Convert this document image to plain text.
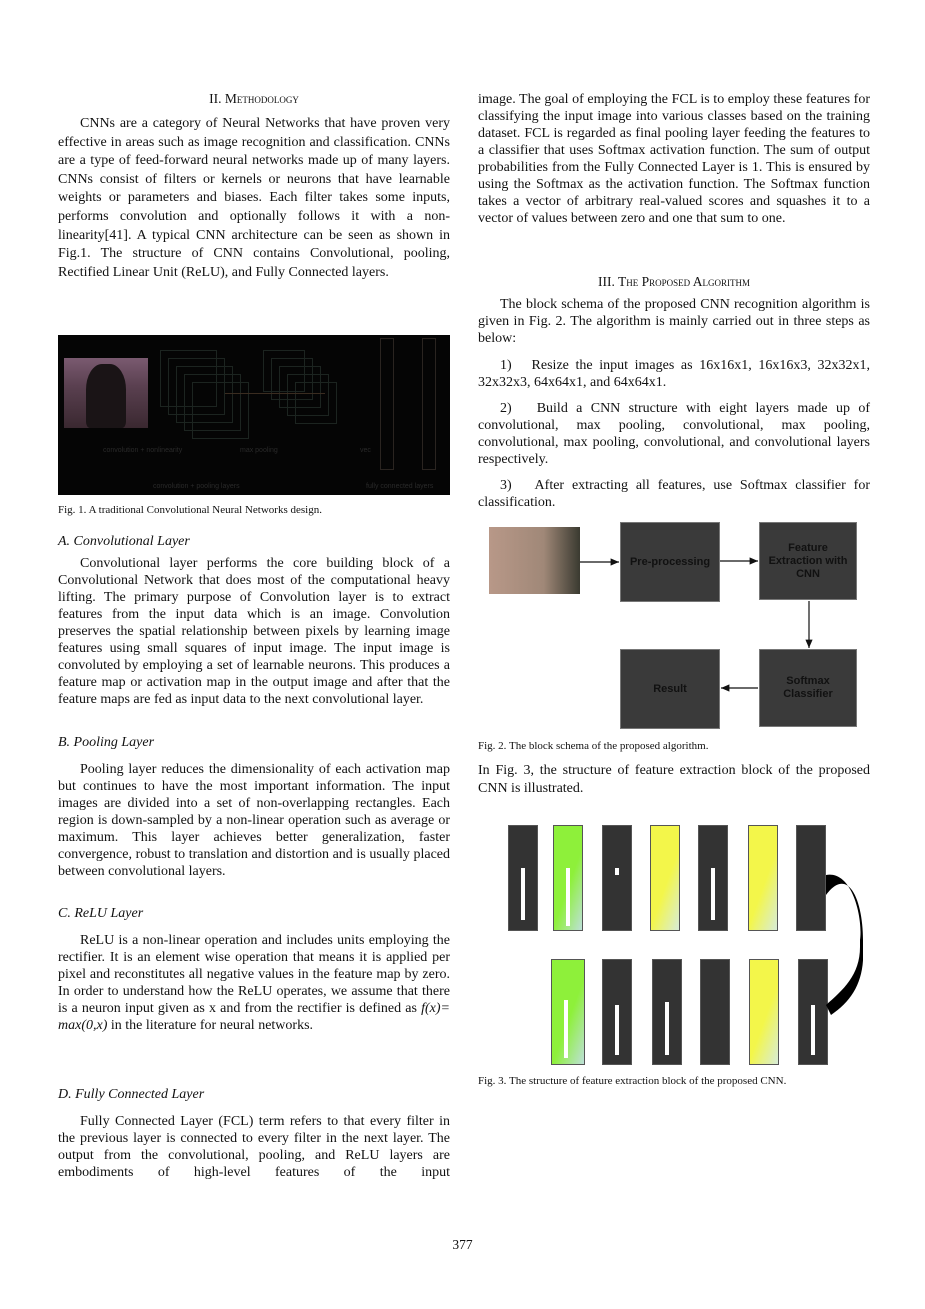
II. Methodology

CNNs are a category of Neural Networks that have proven very effective in areas such as image recognition and classification. CNNs are a type of feed-forward neural networks made up of many layers. CNNs consist of filters or kernels or neurons that have learnable weights or parameters and biases. Each filter takes some inputs, performs convolution and optionally follows it with a non-linearity[41]. A typical CNN architecture can be seen as shown in Fig.1. The structure of CNN contains Convolutional, pooling, Rectified Linear Unit (ReLU), and Fully Connected layers.

convolution + nonlinearity	max pooling	vec
convolution + pooling layers	fully connected layers
Fig. 1. A traditional Convolutional Neural Networks design.
A. Convolutional Layer

Convolutional layer performs the core building block of a Convolutional Network that does most of the computational heavy lifting. The primary purpose of Convolution layer is to extract features from the input data which is an image. Convolution preserves the spatial relationship between pixels by learning image features using small squares of input image. The input image is convoluted by employing a set of learnable neurons. This produces a feature map or activation map in the output image and after that the feature maps are fed as input data to the next convolutional layer.

B. Pooling Layer

Pooling layer reduces the dimensionality of each activation map but continues to have the most important information. The input images are divided into a set of non-overlapping rectangles. Each region is down-sampled by a non-linear operation such as average or maximum. This layer achieves better generalization, faster convergence, robust to translation and distortion and is usually placed between convolutional layers.

C. ReLU Layer

ReLU is a non-linear operation and includes units employing the rectifier. It is an element wise operation that means it is applied per pixel and reconstitutes all negative values in the feature map by zero. In order to understand how the ReLU operates, we assume that there is a neuron input given as x and from the rectifier is defined as f(x)= max(0,x) in the literature for neural networks.

D. Fully Connected Layer

Fully Connected Layer (FCL) term refers to that every filter in the previous layer is connected to every filter in the next layer. The output from the convolutional, pooling, and ReLU layers are embodiments of high-level features of the input

image. The goal of employing the FCL is to employ these features for classifying the input image into various classes based on the training dataset. FCL is regarded as final pooling layer feeding the features to a classifier that uses Softmax activation function. The sum of output probabilities from the Fully Connected Layer is 1. This is ensured by using the Softmax as the activation function. The Softmax function takes a vector of arbitrary real-valued scores and squashes it to a vector of values between zero and one that sum to one.

III. The Proposed Algorithm

The block schema of the proposed CNN recognition algorithm is given in Fig. 2. The algorithm is mainly carried out in three steps as below:

1)   Resize the input images as 16x16x1, 16x16x3, 32x32x1, 32x32x3, 64x64x1, and 64x64x1.

2)   Build a CNN structure with eight layers made up of convolutional, max pooling, convolutional, max pooling, convolutional, max pooling, convolutional, and convolutional layers respectively.

3)   After extracting all features, use Softmax classifier for classification.

Pre-processing
Feature Extraction with CNN
Softmax Classifier
Result
Fig. 2. The block schema of the proposed algorithm.

In Fig. 3, the structure of feature extraction block of the proposed CNN is illustrated.

Fig. 3. The structure of feature extraction block of the proposed CNN.
377
